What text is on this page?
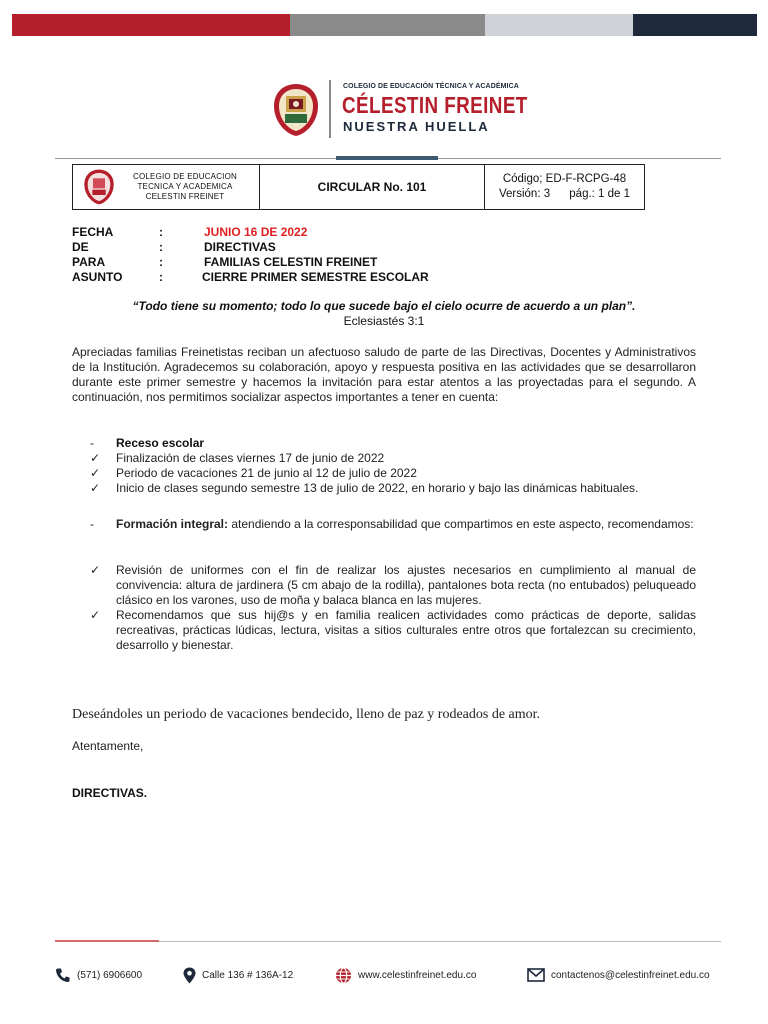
COLEGIO DE EDUCACIÓN TÉCNICA Y ACADÉMICA
CÉLESTIN FREINET
NUESTRA HUELLA
COLEGIO DE EDUCACION
TECNICA Y ACADEMICA
CELESTIN FREINET
	CIRCULAR No. 101	
Código; ED-F-RCPG-48
Versión: 3      pág.: 1 de 1
FECHA	:	JUNIO 16 DE 2022
DE	:	DIRECTIVAS
PARA	:	FAMILIAS CELESTIN FREINET
ASUNTO	:	CIERRE PRIMER SEMESTRE ESCOLAR
“Todo tiene su momento; todo lo que sucede bajo el cielo ocurre de acuerdo a un plan”.
Eclesiastés 3:1
Apreciadas familias Freinetistas reciban un afectuoso saludo de parte de las Directivas, Docentes y Administrativos de la Institución. Agradecemos su colaboración, apoyo y respuesta positiva en las actividades que se desarrollaron durante este primer semestre y hacemos la invitación para estar atentos a las proyectadas para el segundo. A continuación, nos permitimos socializar aspectos importantes a tener en cuenta:
- Receso escolar
✓ Finalización de clases viernes 17 de junio de 2022
✓ Periodo de vacaciones 21 de junio al 12 de julio de 2022
✓ Inicio de clases segundo semestre 13 de julio de 2022, en horario y bajo las dinámicas habituales.
-	Formación integral: atendiendo a la corresponsabilidad que compartimos en este aspecto, recomendamos:
✓ Revisión de uniformes con el fin de realizar los ajustes necesarios en cumplimiento al manual de convivencia: altura de jardinera (5 cm abajo de la rodilla), pantalones bota recta (no entubados) peluqueado clásico en los varones, uso de moña y balaca blanca en las mujeres.
✓ Recomendamos que sus hij@s y en familia realicen actividades como prácticas de deporte, salidas recreativas, prácticas lúdicas, lectura, visitas a sitios culturales entre otros que fortalezcan su crecimiento, desarrollo y bienestar.
Deseándoles un periodo de vacaciones bendecido, lleno de paz y rodeados de amor.
Atentamente,
DIRECTIVAS.
(571) 6906600	Calle 136 # 136A-12	www.celestinfreinet.edu.co	contactenos@celestinfreinet.edu.co
